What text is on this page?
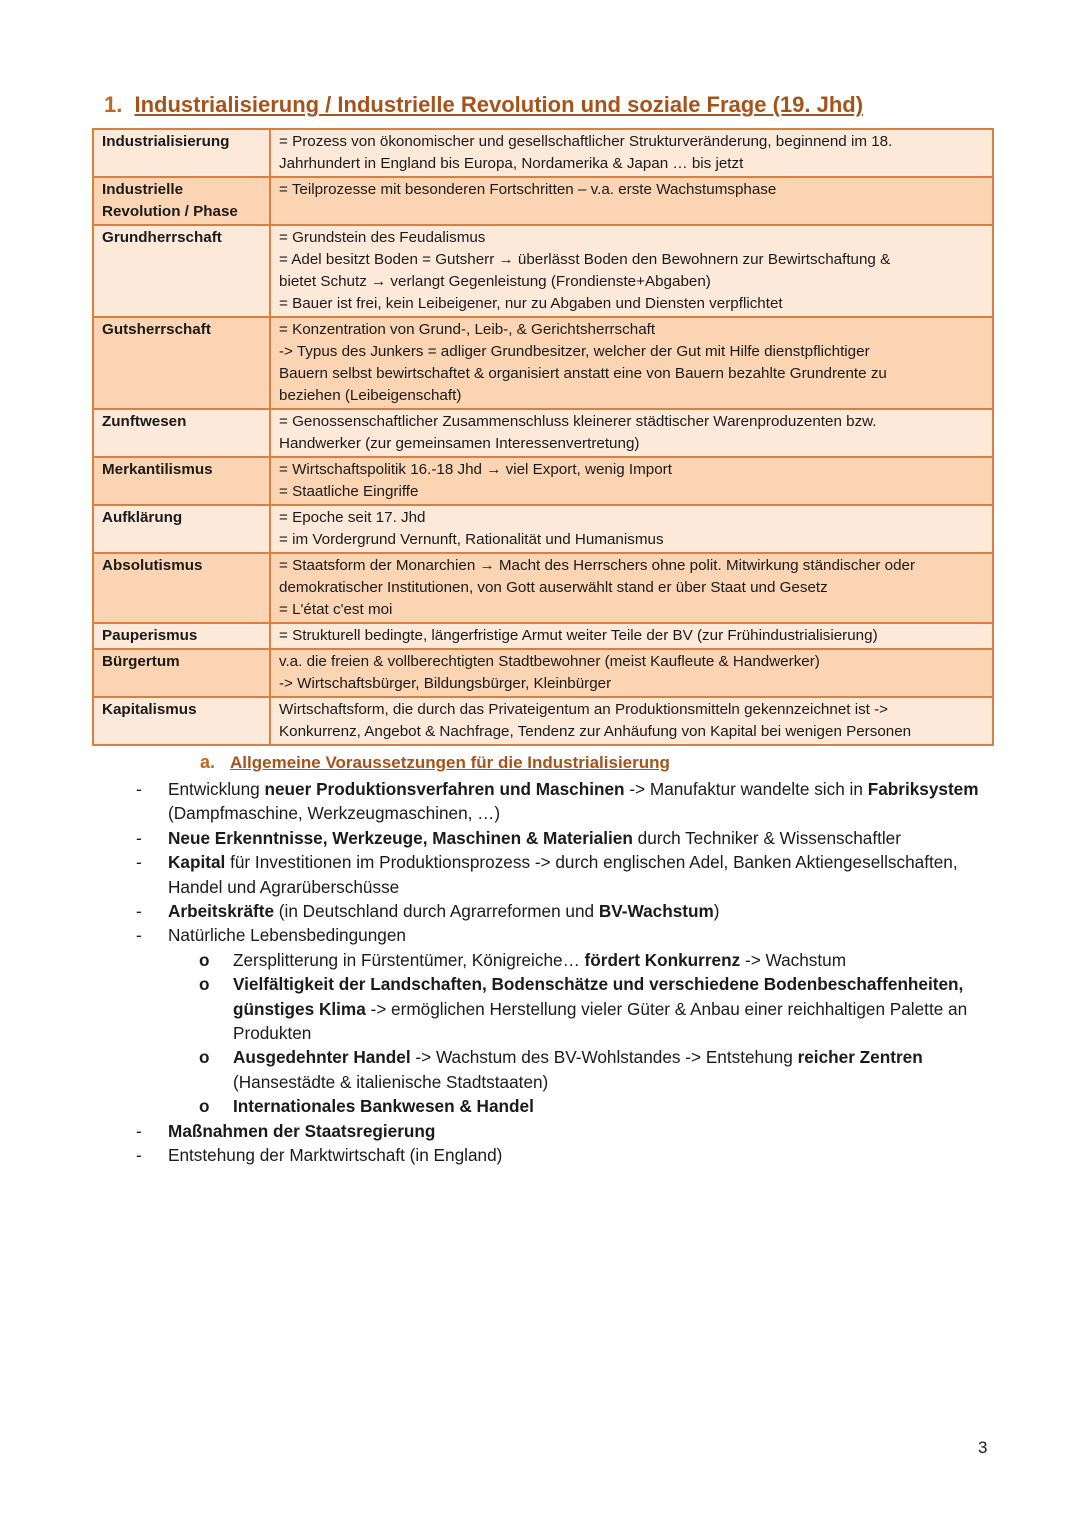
1. Industrialisierung / Industrielle Revolution und soziale Frage (19. Jhd)
Industrialisierung	= Prozess von ökonomischer und gesellschaftlicher Strukturveränderung, beginnend im 18.
Jahrhundert in England bis Europa, Nordamerika & Japan … bis jetzt

Industrielle Revolution / Phase	= Teilprozesse mit besonderen Fortschritten – v.a. erste Wachstumsphase

Grundherrschaft	= Grundstein des Feudalismus
= Adel besitzt Boden = Gutsherr → überlässt Boden den Bewohnern zur Bewirtschaftung &
bietet Schutz → verlangt Gegenleistung (Frondienste+Abgaben)
= Bauer ist frei, kein Leibeigener, nur zu Abgaben und Diensten verpflichtet

Gutsherrschaft	= Konzentration von Grund-, Leib-, & Gerichtsherrschaft
-> Typus des Junkers = adliger Grundbesitzer, welcher der Gut mit Hilfe dienstpflichtiger
Bauern selbst bewirtschaftet & organisiert anstatt eine von Bauern bezahlte Grundrente zu
beziehen (Leibeigenschaft)

Zunftwesen	= Genossenschaftlicher Zusammenschluss kleinerer städtischer Warenproduzenten bzw.
Handwerker (zur gemeinsamen Interessenvertretung)

Merkantilismus	= Wirtschaftspolitik 16.-18 Jhd → viel Export, wenig Import
= Staatliche Eingriffe

Aufklärung	= Epoche seit 17. Jhd
= im Vordergrund Vernunft, Rationalität und Humanismus

Absolutismus	= Staatsform der Monarchien → Macht des Herrschers ohne polit. Mitwirkung ständischer oder
demokratischer Institutionen, von Gott auserwählt stand er über Staat und Gesetz
= L'état c'est moi

Pauperismus	= Strukturell bedingte, längerfristige Armut weiter Teile der BV (zur Frühindustrialisierung)

Bürgertum	v.a. die freien & vollberechtigten Stadtbewohner (meist Kaufleute & Handwerker)
-> Wirtschaftsbürger, Bildungsbürger, Kleinbürger

Kapitalismus	Wirtschaftsform, die durch das Privateigentum an Produktionsmitteln gekennzeichnet ist ->
Konkurrenz, Angebot & Nachfrage, Tendenz zur Anhäufung von Kapital bei wenigen Personen
a. Allgemeine Voraussetzungen für die Industrialisierung
- Entwicklung neuer Produktionsverfahren und Maschinen -> Manufaktur wandelte sich in Fabriksystem (Dampfmaschine, Werkzeugmaschinen, …)
- Neue Erkenntnisse, Werkzeuge, Maschinen & Materialien durch Techniker & Wissenschaftler
- Kapital für Investitionen im Produktionsprozess -> durch englischen Adel, Banken Aktiengesellschaften, Handel und Agrarüberschüsse
- Arbeitskräfte (in Deutschland durch Agrarreformen und BV-Wachstum)
- Natürliche Lebensbedingungen
o Zersplitterung in Fürstentümer, Königreiche… fördert Konkurrenz -> Wachstum
o Vielfältigkeit der Landschaften, Bodenschätze und verschiedene Bodenbeschaffenheiten, günstiges Klima -> ermöglichen Herstellung vieler Güter & Anbau einer reichhaltigen Palette an Produkten
o Ausgedehnter Handel -> Wachstum des BV-Wohlstandes -> Entstehung reicher Zentren (Hansestädte & italienische Stadtstaaten)
o Internationales Bankwesen & Handel
- Maßnahmen der Staatsregierung
- Entstehung der Marktwirtschaft (in England)
3
